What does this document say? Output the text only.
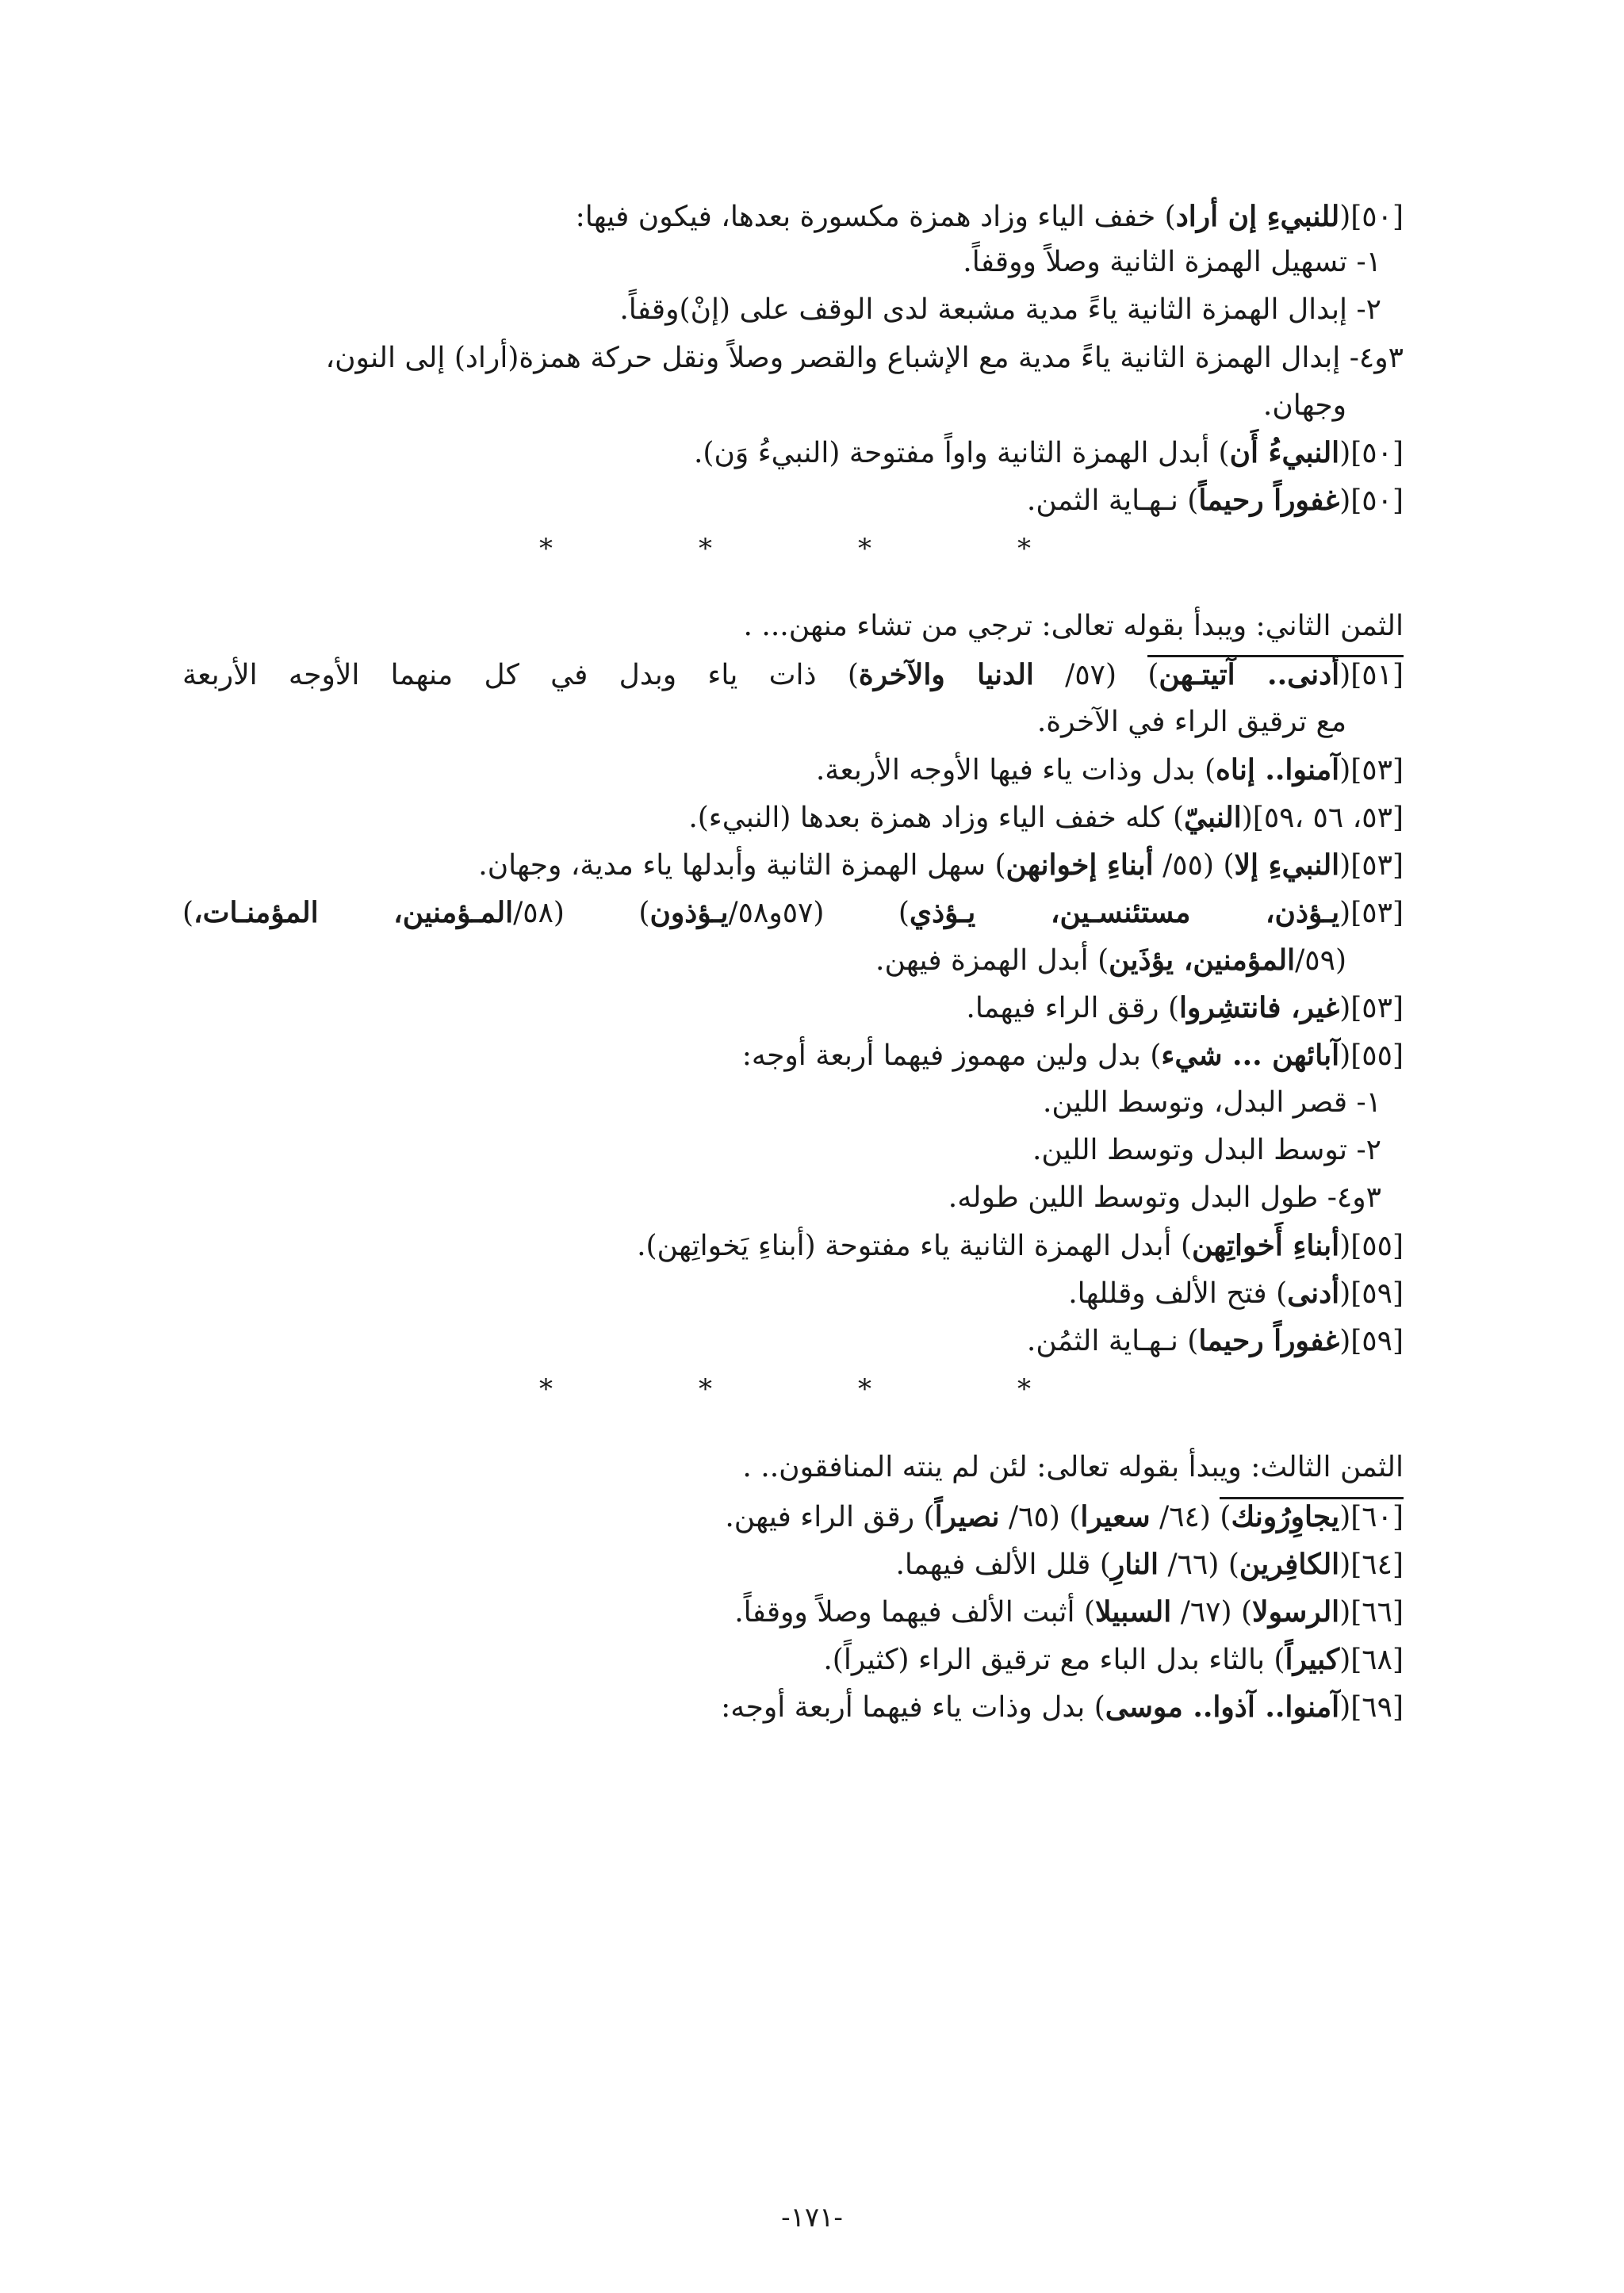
[٥٠](للنبيءِ إن أراد) خفف الياء وزاد همزة مكسورة بعدها، فيكون فيها:
١- تسهيل الهمزة الثانية وصلاً ووقفاً.
٢- إبدال الهمزة الثانية ياءً مدية مشبعة لدى الوقف على (إنْ)وقفاً.
٣و٤- إبدال الهمزة الثانية ياءً مدية مع الإشباع والقصر وصلاً ونقل حركة همزة(أراد) إلى النون،
وجهان.
[٥٠](النبيءُ أَن) أبدل الهمزة الثانية واواً مفتوحة (النبيءُ وَن).
[٥٠](غفوراً رحيماً) نـهـاية الثمن.
*
*
*
*
الثمن الثاني: ويبدأ بقوله تعالى: ترجي من تشاء منهن... .
[٥١](أدنى.. آتيتـهن) (٥٧/ الدنيا والآخرة) ذات ياء وبدل في كل منهما الأوجه الأربعة
مع ترقيق الراء في الآخرة.
[٥٣](آمنوا.. إناه) بدل وذات ياء فيها الأوجه الأربعة.
[٥٣، ٥٦ ،٥٩](النبيّ) كله خفف الياء وزاد همزة بعدها (النبيء).
[٥٣](النبيءِ إلا) (٥٥/ أبناءِ إخوانهن) سهل الهمزة الثانية وأبدلها ياء مدية، وجهان.
[٥٣](يـؤذن، مستئنسـين، يـؤذي) (٥٧و٥٨/يـؤذون) (٥٨/المـؤمنين، المؤمنـات،)
(٥٩/المؤمنين، يؤذَين) أبدل الهمزة فيهن.
[٥٣](غير، فانتشِروا) رقق الراء فيهما.
[٥٥](آبائهن ... شيء) بدل ولين مهموز فيهما أربعة أوجه:
١- قصر البدل، وتوسط اللين.
٢- توسط البدل وتوسط اللين.
٣و٤- طول البدل وتوسط اللين طوله.
[٥٥](أبناءِ أَخواتِهن) أبدل الهمزة الثانية ياء مفتوحة (أبناءِ يَخواتِهن).
[٥٩](أدنى) فتح الألف وقللها.
[٥٩](غفوراً رحيما) نـهـاية الثمُن.
*
*
*
*
الثمن الثالث: ويبدأ بقوله تعالى: لئن لم ينته المنافقون.. .
[٦٠](يجاوِرُونك) (٦٤/ سعيرا) (٦٥/ نصيراً) رقق الراء فيهن.
[٦٤](الكافِرين) (٦٦/ النارِ) قلل الألف فيهما.
[٦٦](الرسولا) (٦٧/ السبيلا) أثبت الألف فيهما وصلاً ووقفاً.
[٦٨](كبيراً) بالثاء بدل الباء مع ترقيق الراء (كثيراً).
[٦٩](آمنوا.. آذوا.. موسى) بدل وذات ياء فيهما أربعة أوجه:
-١٧١-
